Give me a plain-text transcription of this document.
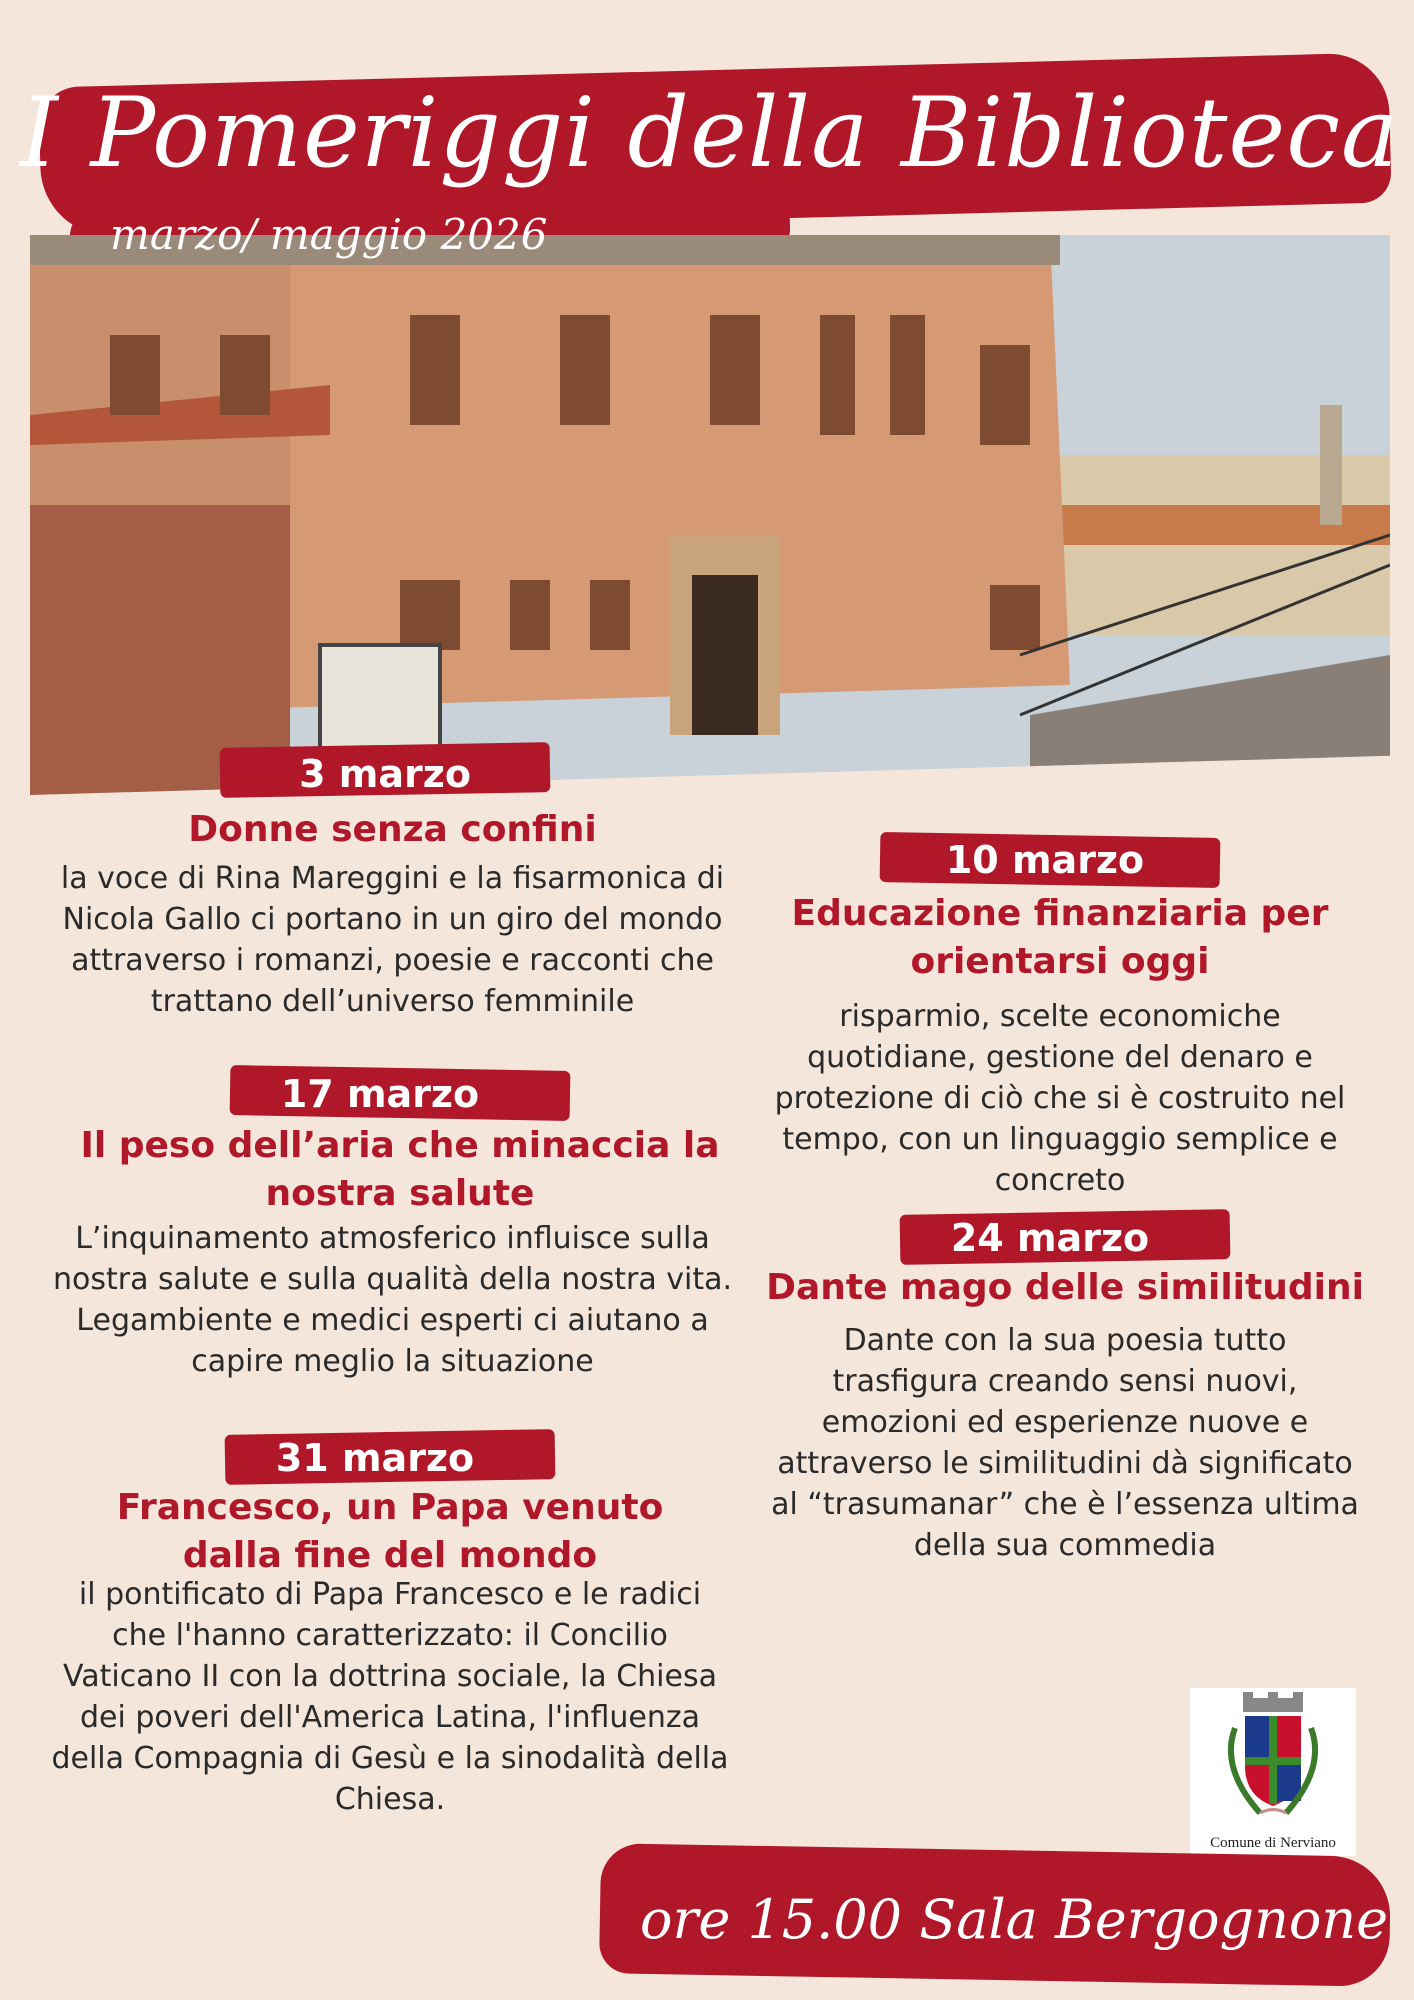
I Pomeriggi della Biblioteca
marzo/ maggio 2026
3 marzo
Donne senza confini
la voce di Rina Mareggini e la fisarmonica di Nicola Gallo ci portano in un giro del mondo attraverso i romanzi, poesie e racconti che trattano dell’universo femminile
17 marzo
Il peso dell’aria che minaccia la nostra salute
L’inquinamento atmosferico influisce sulla nostra salute e sulla qualità della nostra vita. Legambiente e medici esperti ci aiutano a capire meglio la situazione
31 marzo
Francesco, un Papa venuto dalla fine del mondo
il pontificato di Papa Francesco e le radici che l'hanno caratterizzato: il Concilio Vaticano II con la dottrina sociale, la Chiesa dei poveri dell'America Latina, l'influenza della Compagnia di Gesù e la sinodalità della Chiesa.
10 marzo
Educazione finanziaria per orientarsi oggi
risparmio, scelte economiche quotidiane, gestione del denaro e protezione di ciò che si è costruito nel tempo, con un linguaggio semplice e concreto
24 marzo
Dante mago delle similitudini
Dante con la sua poesia tutto trasfigura creando sensi nuovi, emozioni ed esperienze nuove e attraverso le similitudini dà significato al “trasumanar” che è l’essenza ultima della sua commedia
Comune di Nerviano
ore 15.00 Sala Bergognone
